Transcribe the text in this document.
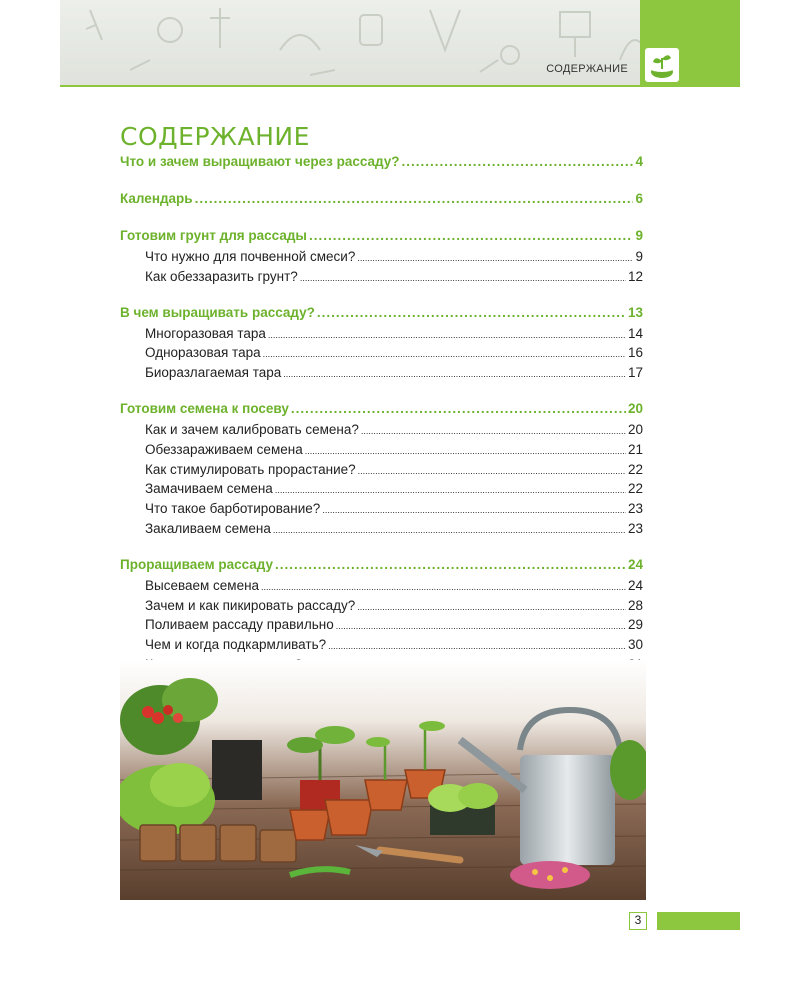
СОДЕРЖАНИЕ
СОДЕРЖАНИЕ
Что и зачем выращивают через рассаду? .....	4
Календарь .....	6
Готовим грунт для рассады .....	9
Что нужно для почвенной смеси? .....	9
Как обеззаразить грунт? .....	12
В чем выращивать рассаду? .....	13
Многоразовая тара .....	14
Одноразовая тара .....	16
Биоразлагаемая тара .....	17
Готовим семена к посеву .....	20
Как и зачем калибровать семена? .....	20
Обеззараживаем семена .....	21
Как стимулировать прорастание? .....	22
Замачиваем семена .....	22
Что такое барботирование? .....	23
Закаливаем семена .....	23
Проращиваем рассаду .....	24
Высеваем семена .....	24
Зачем и как пикировать рассаду? .....	28
Поливаем рассаду правильно .....	29
Чем и когда подкармливать? .....	30
.....
3
